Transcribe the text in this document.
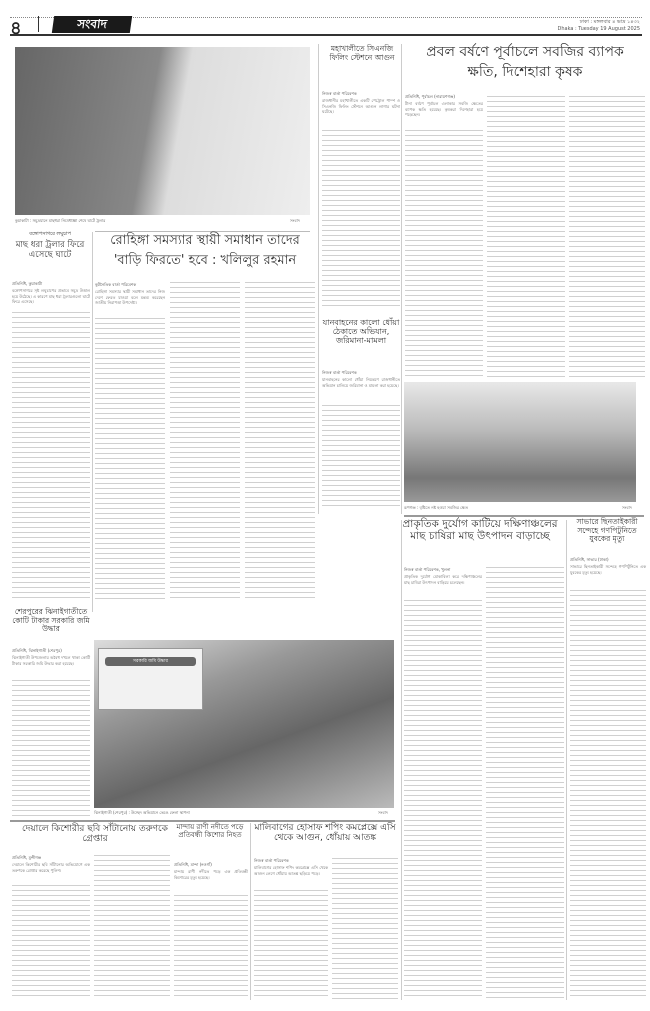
৪	সংবাদ	ঢাকা : মঙ্গলবার ৪ ভাদ্র ১৪৩২
Dhaka : Tuesday 19 August 2025
কুয়াকাটা : সমুদ্রযানে মাছধরা নিষেধাজ্ঞা শেষে ঘাটে ট্রলার	সংবাদ
মহাখালীতে সিএনজি ফিলিং স্টেশনে আগুন
নিজস্ব বার্তা পরিবেশক
রাজধানীর মহাখালীতে একটি পেট্রোল পাম্প ও সিএনজি ফিলিং স্টেশনে আগুন লাগার ঘটনা ঘটেছে।
প্রবল বর্ষণে পূর্বাচলে সবজির ব্যাপক
ক্ষতি, দিশেহারা কৃষক
প্রতিনিধি, পূর্বাচল (নারায়ণগঞ্জ)
টানা বর্ষণে পূর্বাচল এলাকার সবজি ক্ষেতের ব্যাপক ক্ষতি হয়েছে। কৃষকরা দিশেহারা হয়ে পড়েছেন।
রূপগঞ্জ : বৃষ্টিতে নষ্ট হওয়া সবজির ক্ষেত	সংবাদ
বঙ্গোপসাগরে লঘুচাপ
মাছ ধরা ট্রলার ফিরে এসেছে ঘাটে
প্রতিনিধি, কুয়াকাটা
বঙ্গোপসাগরে সৃষ্ট লঘুচাপের প্রভাবে সমুদ্র উত্তাল হয়ে উঠেছে। এ কারণে মাছ ধরা ট্রলারগুলো ঘাটে ফিরে এসেছে।
রোহিঙ্গা সমস্যার স্থায়ী সমাধান তাদের
'বাড়ি ফিরতে' হবে : খলিলুর রহমান
কূটনৈতিক বার্তা পরিবেশক
রোহিঙ্গা সমস্যার স্থায়ী সমাধান তাদের নিজ দেশে ফেরত যাওয়া বলে মন্তব্য করেছেন জাতীয় নিরাপত্তা উপদেষ্টা।
যানবাহনের কালো ধোঁয়া ঠেকাতে অভিযান, জরিমানা-মামলা
নিজস্ব বার্তা পরিবেশক
যানবাহনের কালো ধোঁয়া নিয়ন্ত্রণে রাজধানীতে অভিযান চালিয়ে জরিমানা ও মামলা করা হয়েছে।
প্রাকৃতিক দুর্যোগ কাটিয়ে দক্ষিণাঞ্চলের মাছ চাষিরা মাছ উৎপাদন বাড়াচ্ছে
নিজস্ব বার্তা পরিবেশক, খুলনা
প্রাকৃতিক দুর্যোগ মোকাবিলা করে দক্ষিণাঞ্চলের মাছ চাষিরা উৎপাদন বাড়িয়ে চলেছেন।
সাভারে ছিনতাইকারী সন্দেহে গণপিটুনিতে যুবকের মৃত্যু
প্রতিনিধি, সাভার (ঢাকা)
সাভারে ছিনতাইকারী সন্দেহে গণপিটুনিতে এক যুবকের মৃত্যু হয়েছে।
শেরপুরের ঝিনাইগাতীতে কোটি টাকার সরকারি জমি উদ্ধার
প্রতিনিধি, ঝিনাইগাতী (শেরপুর)
ঝিনাইগাতী উপজেলায় অবৈধ দখলে থাকা কোটি টাকার সরকারি জমি উদ্ধার করা হয়েছে।	সরকারি জমি উদ্ধার
ঝিনাইগাতী (শেরপুর) : উচ্ছেদ অভিযানে ভেঙে ফেলা স্থাপনা	সংবাদ
দেয়ালে কিশোরীর ছবি সাঁটানোয় তরুণকে গ্রেপ্তার
প্রতিনিধি, মুন্সীগঞ্জ
দেয়ালে কিশোরীর ছবি সাঁটানোর অভিযোগে এক তরুণকে গ্রেপ্তার করেছে পুলিশ।
মান্দায় রাণী নদীতে পড়ে প্রতিবন্ধী কিশোর নিহত
প্রতিনিধি, মান্দা (নওগাঁ)
মান্দায় রাণী নদীতে পড়ে এক প্রতিবন্ধী কিশোরের মৃত্যু হয়েছে।
মালিবাগের হোসাফ শপিং কমপ্লেক্সে এসি থেকে আগুন, ধোঁয়ায় আতঙ্ক
নিজস্ব বার্তা পরিবেশক
মালিবাগের হোসাফ শপিং কমপ্লেক্সে এসি থেকে আগুন লেগে ধোঁয়ায় আতঙ্ক ছড়িয়ে পড়ে।
